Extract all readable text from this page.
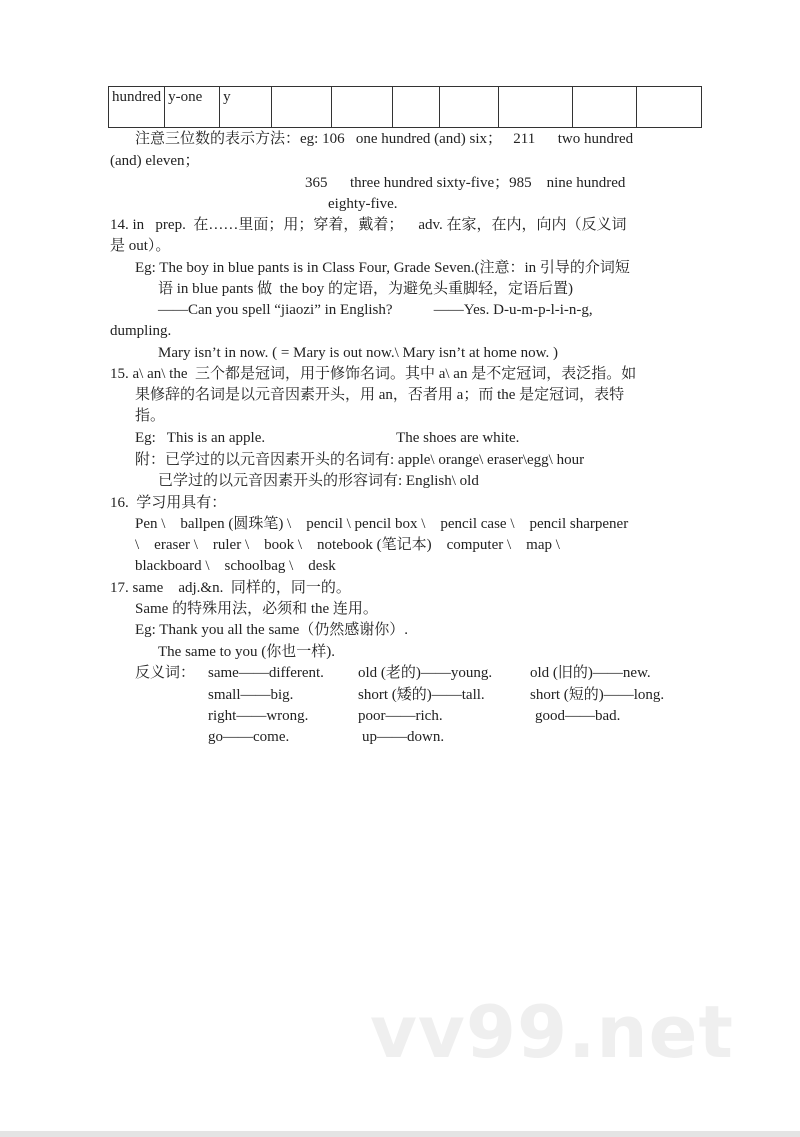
hundred	y-one	y							
注意三位数的表示方法：eg: 106   one hundred (and) six；   211      two hundred
(and) eleven；
365      three hundred sixty-five；985    nine hundred
eighty-five.
14. in   prep.  在……里面；用；穿着，戴着；    adv. 在家，在内，向内（反义词
是 out）。
Eg: The boy in blue pants is in Class Four, Grade Seven.(注意：in 引导的介词短
语 in blue pants 做  the boy 的定语，为避免头重脚轻，定语后置)
——Can you spell “jiaozi” in English?           ——Yes. D-u-m-p-l-i-n-g,
dumpling.
Mary isn’t in now. ( = Mary is out now.\ Mary isn’t at home now. )
15. a\ an\ the  三个都是冠词，用于修饰名词。其中 a\ an 是不定冠词，表泛指。如
果修辞的名词是以元音因素开头，用 an，否者用 a；而 the 是定冠词，表特
指。
Eg:   This is an apple.                                   The shoes are white.
附：已学过的以元音因素开头的名词有: apple\ orange\ eraser\egg\ hour
已学过的以元音因素开头的形容词有: English\ old
16.  学习用具有：
Pen \    ballpen (圆珠笔) \    pencil \ pencil box \    pencil case \    pencil sharpener
\    eraser \    ruler \    book \    notebook (笔记本)    computer \    map \
blackboard \    schoolbag \    desk
17. same    adj.&n.  同样的，同一的。
Same 的特殊用法，必须和 the 连用。
Eg: Thank you all the same（仍然感谢你）.
The same to you (你也一样).
反义词： same——different. old (老的)——young.	old (旧的)——new.
small——big.	short (矮的)——tall.	short (短的)——long.
right——wrong.	poor——rich.	good——bad.
go——come.	up——down.
vv99.net
